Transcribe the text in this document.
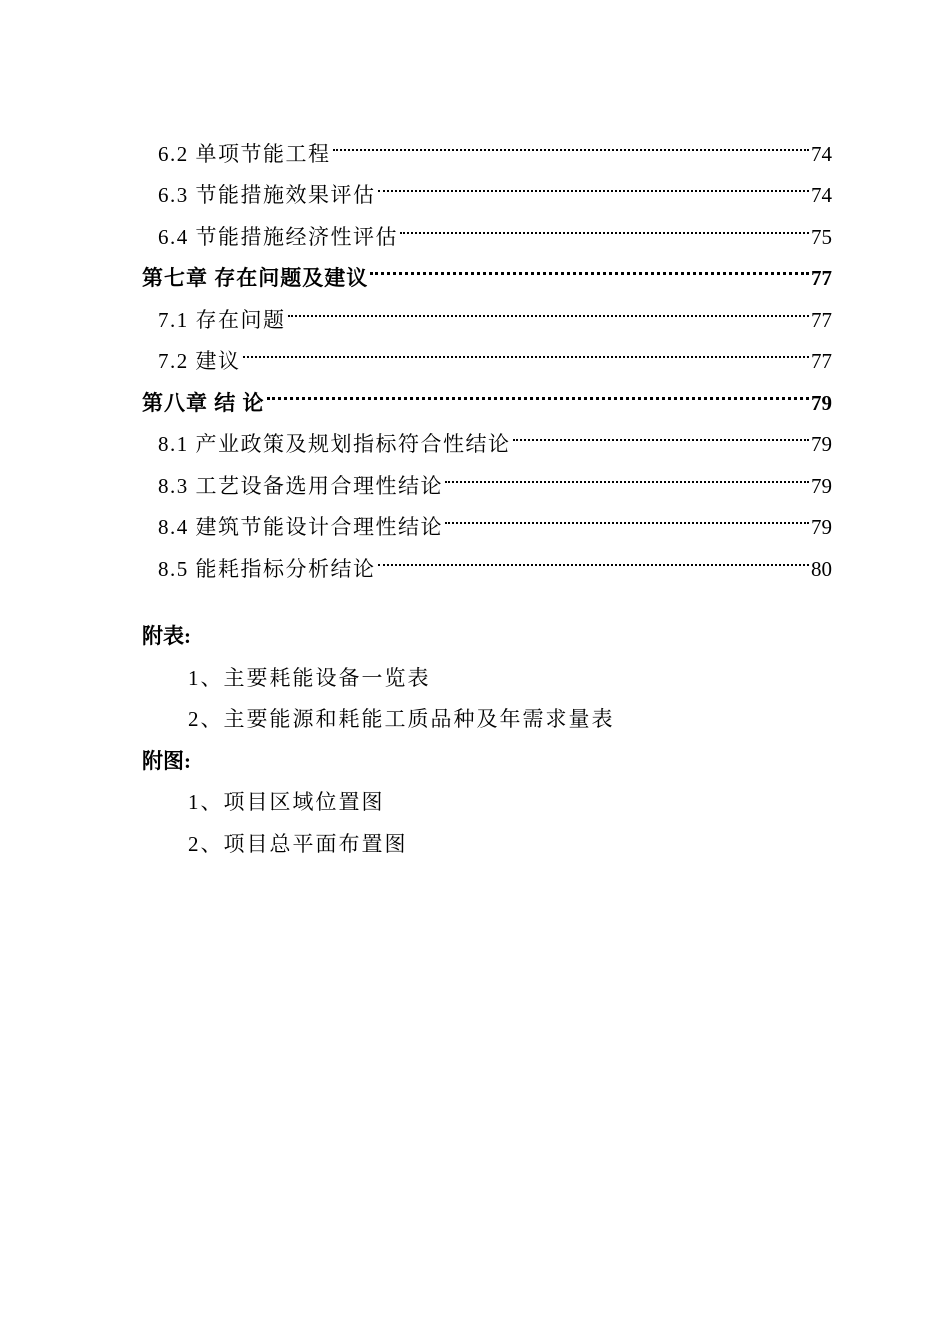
6.2 单项节能工程	74
6.3 节能措施效果评估	74
6.4 节能措施经济性评估	75
第七章 存在问题及建议	77
7.1 存在问题	77
7.2 建议	77
第八章 结 论	79
8.1 产业政策及规划指标符合性结论	79
8.3 工艺设备选用合理性结论	79
8.4 建筑节能设计合理性结论	79
8.5 能耗指标分析结论	80
附表:
1、主要耗能设备一览表
2、主要能源和耗能工质品种及年需求量表
附图:
1、项目区域位置图
2、项目总平面布置图
